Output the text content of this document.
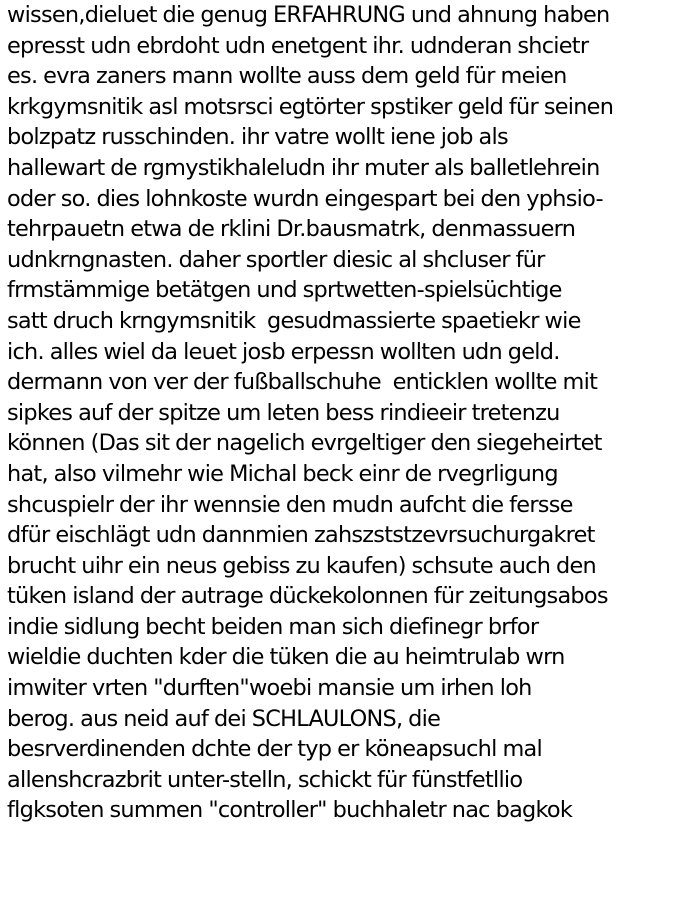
wissen,dieluet die genug ERFAHRUNG und ahnung haben
epresst udn ebrdoht udn enetgent ihr. udnderan shcietr
es. evra zaners mann wollte auss dem geld für meien
krkgymsnitik asl motsrsci egtörter spstiker geld für seinen
bolzpatz russchinden. ihr vatre wollt iene job als
hallewart de rgmystikhaleludn ihr muter als balletlehrein
oder so. dies lohnkoste wurdn eingespart bei den yphsio-
tehrpauetn etwa de rklini Dr.bausmatrk, denmassuern
udnkrngnasten. daher sportler diesic al shcluser für
frmstämmige betätgen und sprtwetten-spielsüchtige
satt druch krngymsnitik  gesudmassierte spaetiekr wie
ich. alles wiel da leuet josb erpessn wollten udn geld.
dermann von ver der fußballschuhe  enticklen wollte mit
sipkes auf der spitze um leten bess rindieeir tretenzu
können (Das sit der nagelich evrgeltiger den siegeheirtet
hat, also vilmehr wie Michal beck einr de rvegrligung
shcuspielr der ihr wennsie den mudn aufcht die fersse
dfür eischlägt udn dannmien zahszststzevrsuchurgakret
brucht uihr ein neus gebiss zu kaufen) schsute auch den
tüken island der autrage dückekolonnen für zeitungsabos
indie sidlung becht beiden man sich diefinegr brfor
wieldie duchten kder die tüken die au heimtrulab wrn
imwiter vrten "durften"woebi mansie um irhen loh
berog. aus neid auf dei SCHLAULONS, die
besrverdinenden dchte der typ er köneapsuchl mal
allenshcrazbrit unter-stelln, schickt für fünstfetllio
flgksoten summen "controller" buchhaletr nac bagkok
